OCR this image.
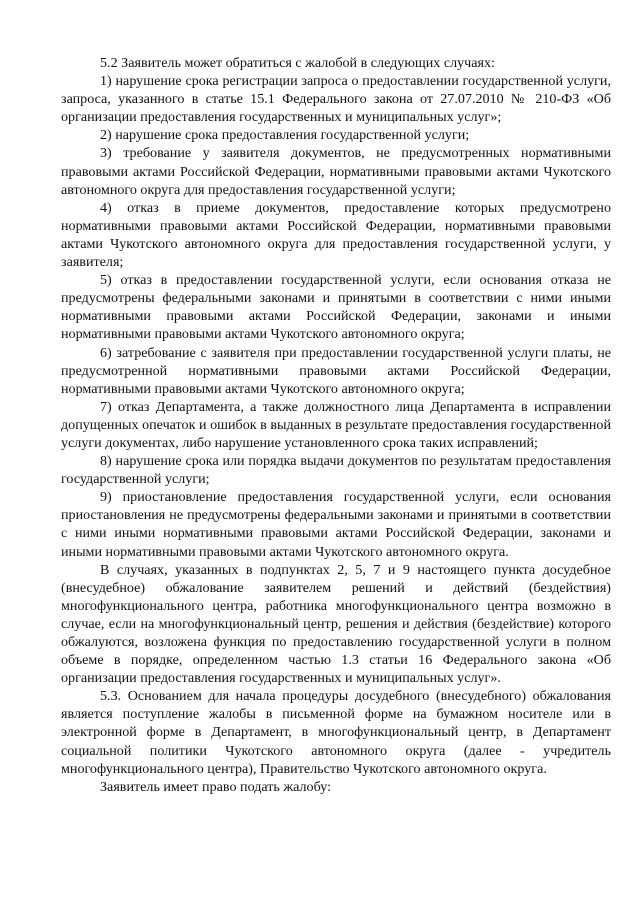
5.2 Заявитель может обратиться с жалобой в следующих случаях:

1) нарушение срока регистрации запроса о предоставлении государственной услуги, запроса, указанного в статье 15.1 Федерального закона от 27.07.2010 № 210-ФЗ «Об организации предоставления государственных и муниципальных услуг»;

2) нарушение срока предоставления государственной услуги;

3) требование у заявителя документов, не предусмотренных нормативными правовыми актами Российской Федерации, нормативными правовыми актами Чукотского автономного округа для предоставления государственной услуги;

4) отказ в приеме документов, предоставление которых предусмотрено нормативными правовыми актами Российской Федерации, нормативными правовыми актами Чукотского автономного округа для предоставления государственной услуги, у заявителя;

5) отказ в предоставлении государственной услуги, если основания отказа не предусмотрены федеральными законами и принятыми в соответствии с ними иными нормативными правовыми актами Российской Федерации, законами и иными нормативными правовыми актами Чукотского автономного округа;

6) затребование с заявителя при предоставлении государственной услуги платы, не предусмотренной нормативными правовыми актами Российской Федерации, нормативными правовыми актами Чукотского автономного округа;

7) отказ Департамента, а также должностного лица Департамента в исправлении допущенных опечаток и ошибок в выданных в результате предоставления государственной услуги документах, либо нарушение установленного срока таких исправлений;

8) нарушение срока или порядка выдачи документов по результатам предоставления государственной услуги;

9) приостановление предоставления государственной услуги, если основания приостановления не предусмотрены федеральными законами и принятыми в соответствии с ними иными нормативными правовыми актами Российской Федерации, законами и иными нормативными правовыми актами Чукотского автономного округа.

В случаях, указанных в подпунктах 2, 5, 7 и 9 настоящего пункта досудебное (внесудебное) обжалование заявителем решений и действий (бездействия) многофункционального центра, работника многофункционального центра возможно в случае, если на многофункциональный центр, решения и действия (бездействие) которого обжалуются, возложена функция по предоставлению государственной услуги в полном объеме в порядке, определенном частью 1.3 статьи 16 Федерального закона «Об организации предоставления государственных и муниципальных услуг».

5.3. Основанием для начала процедуры досудебного (внесудебного) обжалования является поступление жалобы в письменной форме на бумажном носителе или в электронной форме в Департамент, в многофункциональный центр, в Департамент социальной политики Чукотского автономного округа (далее - учредитель многофункционального центра), Правительство Чукотского автономного округа.

Заявитель имеет право подать жалобу:
